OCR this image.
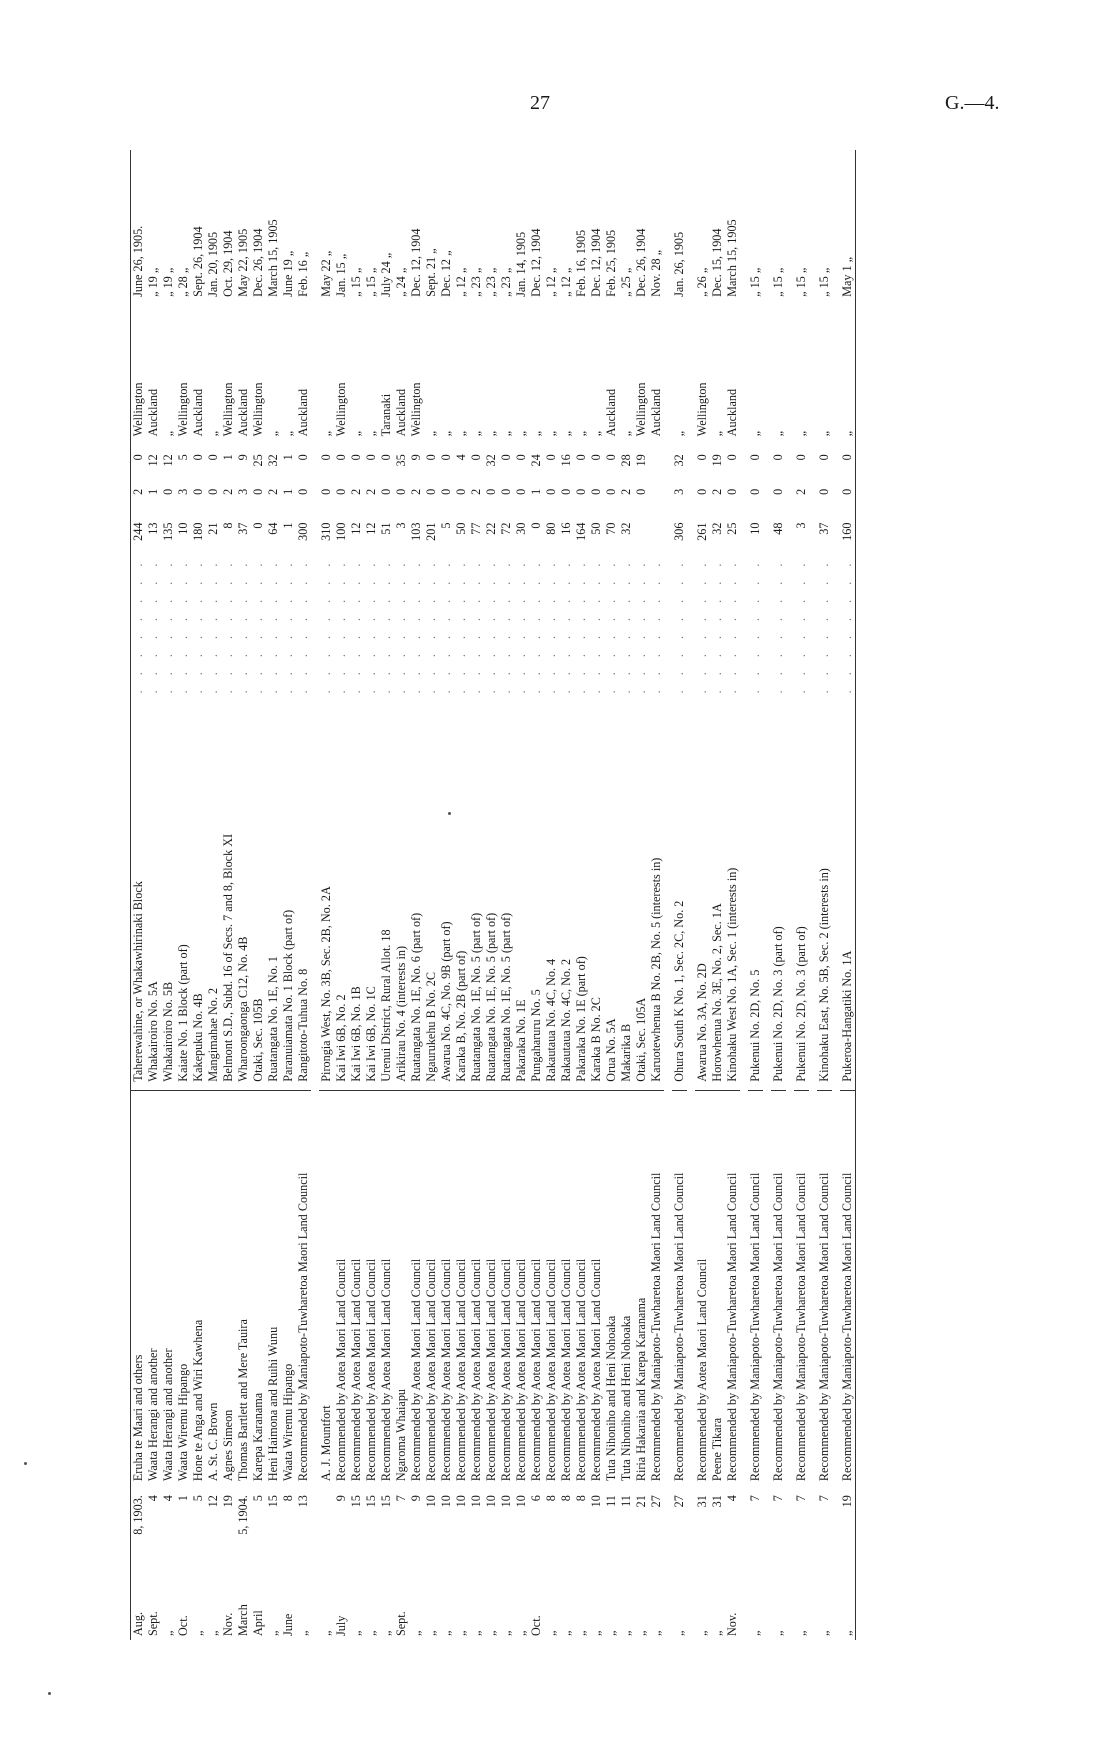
27	G.—4.
Aug.	8, 1903.	Eruha te Maari and others	Taherewahine, or Whakawhirinaki Block	. . . . . . . .	244	2	0	Wellington	June 26, 1905.
Sept.	4	Waata Herangi and another	Whakairoiro No. 5A	. . . . . . . .	13	1	12	Auckland	„ 19 „
„	4	Waata Herangi and another	Whakairoiro No. 5B	. . . . . . . .	135	0	12	„	„ 19 „
Oct.	1	Waata Wiremu Hipango	Kaiate No. 1 Block (part of)	. . . . . . . .	10	3	5	Wellington	„ 28 „
„	5	Hone te Anga and Wiri Kawhena	Kakepuku No. 4B	. . . . . . . .	180	0	0	Auckland	Sept. 26, 1904
„	12	A. St. C. Brown	Mangimahae No. 2	. . . . . . . .	21	0	0	„	Jan. 20, 1905
Nov.	19	Agnes Simeon	Belmont S.D., Subd. 16 of Secs. 7 and 8, Block XI	. . . . . . . .	8	2	1	Wellington	Oct. 29, 1904
March	5, 1904.	Thomas Bartlett and Mere Tauira	Wharoongaonga C12, No. 4B	. . . . . . . .	37	3	9	Auckland	May 22, 1905
April	5	Karepa Karanama	Otaki, Sec. 105B	. . . . . . . .	0	0	25	Wellington	Dec. 26, 1904
„	15	Heni Haimona and Ruihi Wunu	Ruatangata No. 1E, No. 1	. . . . . . . .	64	2	32	„	March 15, 1905
June	8	Waata Wiremu Hipango	Paranuiamata No. 1 Block (part of)	. . . . . . . .	1	1	1	„	June 19 „
„	13	Recommended by Maniapoto-Tuwharetoa Maori Land Council	Rangitoto-Tuhua No. 8	. . . . . . . .	300	0	0	Auckland	Feb. 16 „

„		A. J. Mountfort	Pirongia West, No. 3B, Sec. 2B, No. 2A	. . . . . . . .	310	0	0	„	May 22 „
July	9	Recommended by Aotea Maori Land Council	Kai Iwi 6B, No. 2	. . . . . . . .	100	0	0	Wellington	Jan. 15 „
„	15	Recommended by Aotea Maori Land Council	Kai Iwi 6B, No. 1B	. . . . . . . .	12	2	0	„	„ 15 „
„	15	Recommended by Aotea Maori Land Council	Kai Iwi 6B, No. 1C	. . . . . . . .	12	2	0	„	„ 15 „
„	15	Recommended by Aotea Maori Land Council	Urenui District, Rural Allot. 18	. . . . . . . .	51	0	0	Taranaki	July 24 „
Sept.	7	Ngaroma Whaiapu	Arikirau No. 4 (interests in)	. . . . . . . .	3	0	35	Auckland	„ 24 „
„	9	Recommended by Aotea Maori Land Council	Ruatangata No. 1E, No. 6 (part of)	. . . . . . . .	103	2	9	Wellington	Dec. 12, 1904
„	10	Recommended by Aotea Maori Land Council	Ngaurukehu B No. 2C	. . . . . . . .	201	0	0	„	Sept. 21 „
„	10	Recommended by Aotea Maori Land Council	Awarua No. 4C, No. 9B (part of)	. . . . . . . .	5	0	0	„	Dec. 12 „
„	10	Recommended by Aotea Maori Land Council	Karaka B, No. 2B (part of)	. . . . . . . .	50	0	4	„	„ 12 „
„	10	Recommended by Aotea Maori Land Council	Ruatangata No. 1E, No. 5 (part of)	. . . . . . . .	77	2	0	„	„ 23 „
„	10	Recommended by Aotea Maori Land Council	Ruatangata No. 1E, No. 5 (part of)	. . . . . . . .	22	0	32	„	„ 23 „
„	10	Recommended by Aotea Maori Land Council	Ruatangata No. 1E, No. 5 (part of)	. . . . . . . .	72	0	0	„	„ 23 „
„	10	Recommended by Aotea Maori Land Council	Pakaraka No. 1E	. . . . . . . .	30	0	0	„	Jan. 14, 1905
Oct.	6	Recommended by Aotea Maori Land Council	Pungaharuru No. 5	. . . . . . . .	0	1	24	„	Dec. 12, 1904
„	8	Recommended by Aotea Maori Land Council	Rakautaua No. 4C, No. 4	. . . . . . . .	80	0	0	„	„ 12 „
„	8	Recommended by Aotea Maori Land Council	Rakautaua No. 4C, No. 2	. . . . . . . .	16	0	16	„	„ 12 „
„	8	Recommended by Aotea Maori Land Council	Pakaraka No. 1E (part of)	. . . . . . . .	164	0	0	„	Feb. 16, 1905
„	10	Recommended by Aotea Maori Land Council	Karaka B No. 2C	. . . . . . . .	50	0	0	„	Dec. 12, 1904
„	11	Tuta Nihoniho and Heni Nohoaka	Orua No. 5A	. . . . . . . .	70	0	0	Auckland	Feb. 25, 1905
„	11	Tuta Nihoniho and Heni Nohoaka	Makarika B	. . . . . . . .	32	2	28	„	„ 25 „
„	21	Riria Hakaraia and Karepa Karanama	Otaki, Sec. 105A	. . . . . . . .		0	19	Wellington	Dec. 26, 1904
„	27	Recommended by Maniapoto-Tuwharetoa Maori Land Council	Karuotewhenua B No. 2B, No. 5 (interests in)	. . . . . . . .				Auckland	Nov. 28 „

„	27	Recommended by Maniapoto-Tuwharetoa Maori Land Council	Ohura South K No. 1, Sec. 2C, No. 2	. . . . . . . .	306	3	32	„	Jan. 26, 1905

„	31	Recommended by Aotea Maori Land Council	Awarua No. 3A, No. 2D	. . . . . . . .	261	0	0	Wellington	„ 26 „
„	31	Peene Tikara	Horowhenua No. 3E, No. 2, Sec. 1A	. . . . . . . .	32	2	19	„	Dec. 15, 1904
Nov.	4	Recommended by Maniapoto-Tuwharetoa Maori Land Council	Kinohaku West No. 1A, Sec. 1 (interests in)	. . . . . . . .	25	0	0	Auckland	March 15, 1905

„	7	Recommended by Maniapoto-Tuwharetoa Maori Land Council	Pukenui No. 2D, No. 5	. . . . . . . .	10	0	0	„	„ 15 „

„	7	Recommended by Maniapoto-Tuwharetoa Maori Land Council	Pukenui No. 2D, No. 3 (part of)	. . . . . . . .	48	0	0	„	„ 15 „

„	7	Recommended by Maniapoto-Tuwharetoa Maori Land Council	Pukenui No. 2D, No. 3 (part of)	. . . . . . . .	3	2	0	„	„ 15 „

„	7	Recommended by Maniapoto-Tuwharetoa Maori Land Council	Kinohaku East, No. 5B, Sec. 2 (interests in)	. . . . . . . .	37	0	0	„	„ 15 „

„	19	Recommended by Maniapoto-Tuwharetoa Maori Land Council	Pukeroa-Hangatiki No. 1A	. . . . . . . .	160	0	0	„	May 1 „
